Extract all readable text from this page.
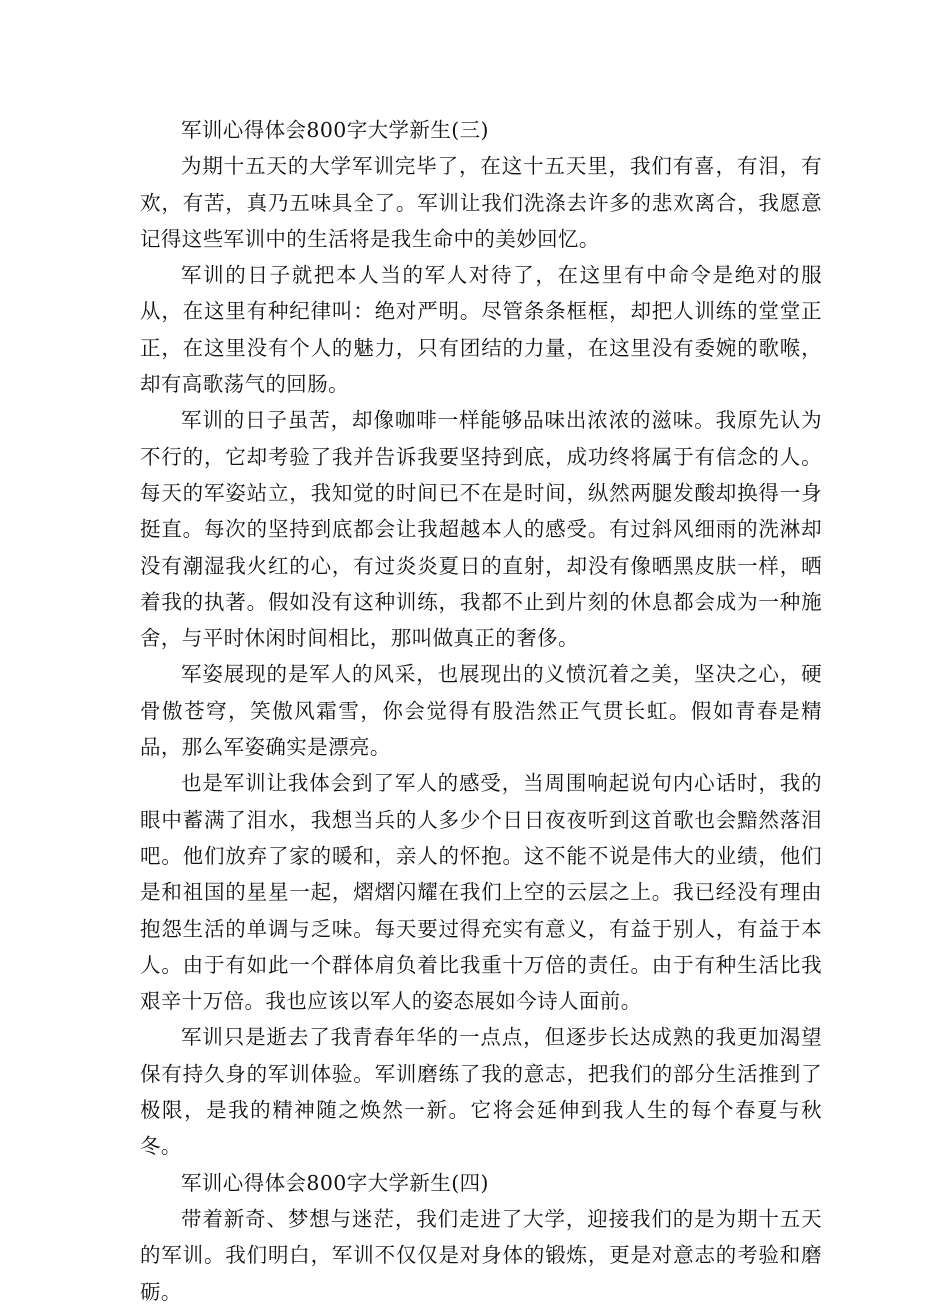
军训心得体会800字大学新生(三)

为期十五天的大学军训完毕了，在这十五天里，我们有喜，有泪，有欢，有苦，真乃五味具全了。军训让我们洗涤去许多的悲欢离合，我愿意记得这些军训中的生活将是我生命中的美妙回忆。

军训的日子就把本人当的军人对待了，在这里有中命令是绝对的服从，在这里有种纪律叫：绝对严明。尽管条条框框，却把人训练的堂堂正正，在这里没有个人的魅力，只有团结的力量，在这里没有委婉的歌喉，却有高歌荡气的回肠。

军训的日子虽苦，却像咖啡一样能够品味出浓浓的滋味。我原先认为不行的，它却考验了我并告诉我要坚持到底，成功终将属于有信念的人。每天的军姿站立，我知觉的时间已不在是时间，纵然两腿发酸却换得一身挺直。每次的坚持到底都会让我超越本人的感受。有过斜风细雨的洗淋却没有潮湿我火红的心，有过炎炎夏日的直射，却没有像晒黑皮肤一样，晒着我的执著。假如没有这种训练，我都不止到片刻的休息都会成为一种施舍，与平时休闲时间相比，那叫做真正的奢侈。

军姿展现的是军人的风采，也展现出的义愤沉着之美，坚决之心，硬骨傲苍穹，笑傲风霜雪，你会觉得有股浩然正气贯长虹。假如青春是精品，那么军姿确实是漂亮。

也是军训让我体会到了军人的感受，当周围响起说句内心话时，我的眼中蓄满了泪水，我想当兵的人多少个日日夜夜听到这首歌也会黯然落泪吧。他们放弃了家的暖和，亲人的怀抱。这不能不说是伟大的业绩，他们是和祖国的星星一起，熠熠闪耀在我们上空的云层之上。我已经没有理由抱怨生活的单调与乏味。每天要过得充实有意义，有益于别人，有益于本人。由于有如此一个群体肩负着比我重十万倍的责任。由于有种生活比我艰辛十万倍。我也应该以军人的姿态展如今诗人面前。

军训只是逝去了我青春年华的一点点，但逐步长达成熟的我更加渴望保有持久身的军训体验。军训磨练了我的意志，把我们的部分生活推到了极限，是我的精神随之焕然一新。它将会延伸到我人生的每个春夏与秋冬。

军训心得体会800字大学新生(四)

带着新奇、梦想与迷茫，我们走进了大学，迎接我们的是为期十五天的军训。我们明白，军训不仅仅是对身体的锻炼，更是对意志的考验和磨砺。
